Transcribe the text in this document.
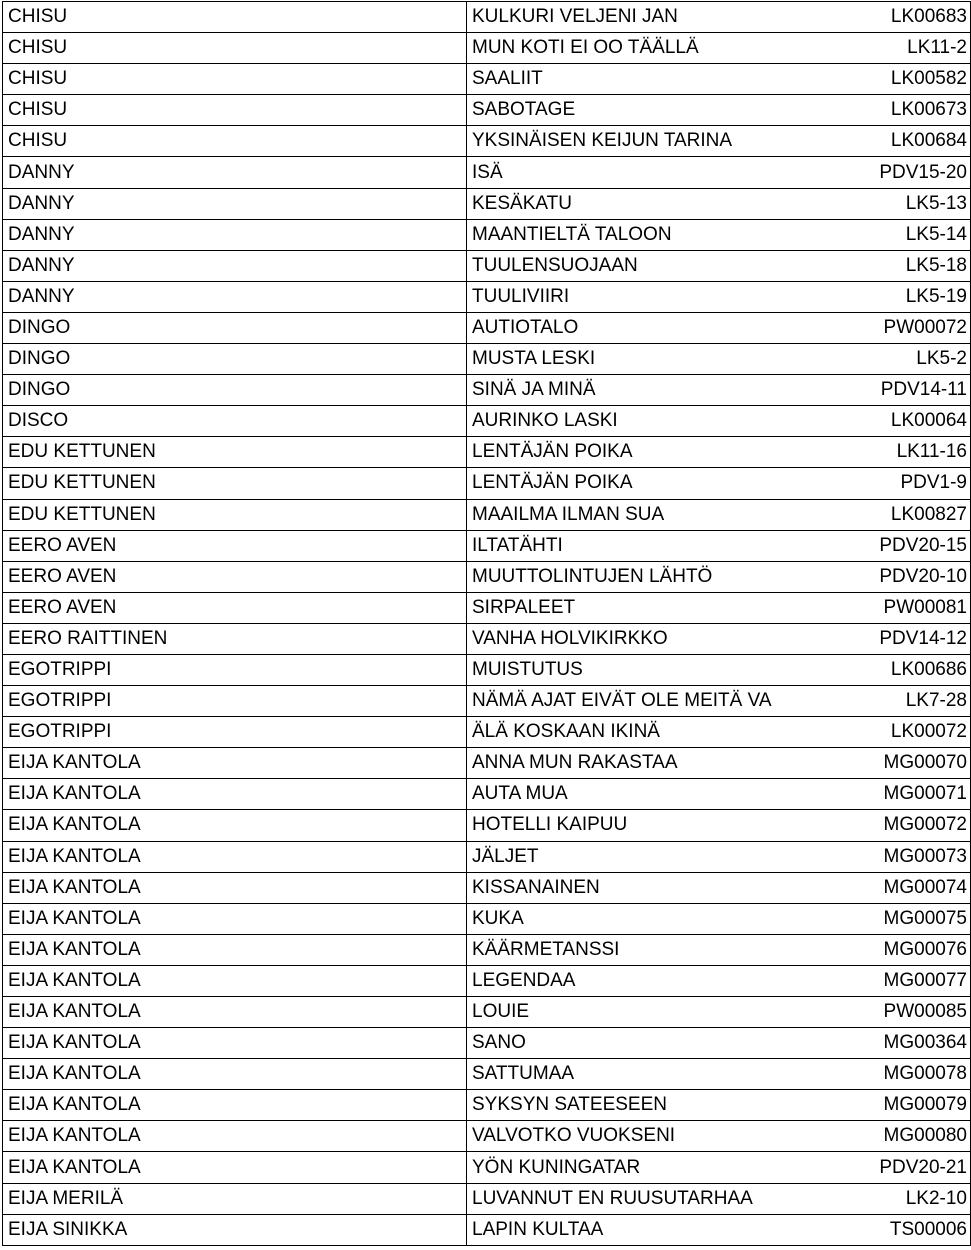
CHISU	KULKURI VELJENI JAN	LK00683
CHISU	MUN KOTI EI OO TÄÄLLÄ	LK11-2
CHISU	SAALIIT	LK00582
CHISU	SABOTAGE	LK00673
CHISU	YKSINÄISEN KEIJUN TARINA	LK00684
DANNY	ISÄ	PDV15-20
DANNY	KESÄKATU	LK5-13
DANNY	MAANTIELTÄ TALOON	LK5-14
DANNY	TUULENSUOJAAN	LK5-18
DANNY	TUULIVIIRI	LK5-19
DINGO	AUTIOTALO	PW00072
DINGO	MUSTA LESKI	LK5-2
DINGO	SINÄ JA MINÄ	PDV14-11
DISCO	AURINKO LASKI	LK00064
EDU KETTUNEN	LENTÄJÄN POIKA	LK11-16
EDU KETTUNEN	LENTÄJÄN POIKA	PDV1-9
EDU KETTUNEN	MAAILMA ILMAN SUA	LK00827
EERO AVEN	ILTATÄHTI	PDV20-15
EERO AVEN	MUUTTOLINTUJEN LÄHTÖ	PDV20-10
EERO AVEN	SIRPALEET	PW00081
EERO RAITTINEN	VANHA HOLVIKIRKKO	PDV14-12
EGOTRIPPI	MUISTUTUS	LK00686
EGOTRIPPI	NÄMÄ AJAT EIVÄT OLE MEITÄ VA	LK7-28
EGOTRIPPI	ÄLÄ KOSKAAN IKINÄ	LK00072
EIJA KANTOLA	ANNA MUN RAKASTAA	MG00070
EIJA KANTOLA	AUTA MUA	MG00071
EIJA KANTOLA	HOTELLI KAIPUU	MG00072
EIJA KANTOLA	JÄLJET	MG00073
EIJA KANTOLA	KISSANAINEN	MG00074
EIJA KANTOLA	KUKA	MG00075
EIJA KANTOLA	KÄÄRMETANSSI	MG00076
EIJA KANTOLA	LEGENDAA	MG00077
EIJA KANTOLA	LOUIE	PW00085
EIJA KANTOLA	SANO	MG00364
EIJA KANTOLA	SATTUMAA	MG00078
EIJA KANTOLA	SYKSYN SATEESEEN	MG00079
EIJA KANTOLA	VALVOTKO VUOKSENI	MG00080
EIJA KANTOLA	YÖN KUNINGATAR	PDV20-21
EIJA MERILÄ	LUVANNUT EN RUUSUTARHAA	LK2-10
EIJA SINIKKA	LAPIN KULTAA	TS00006
